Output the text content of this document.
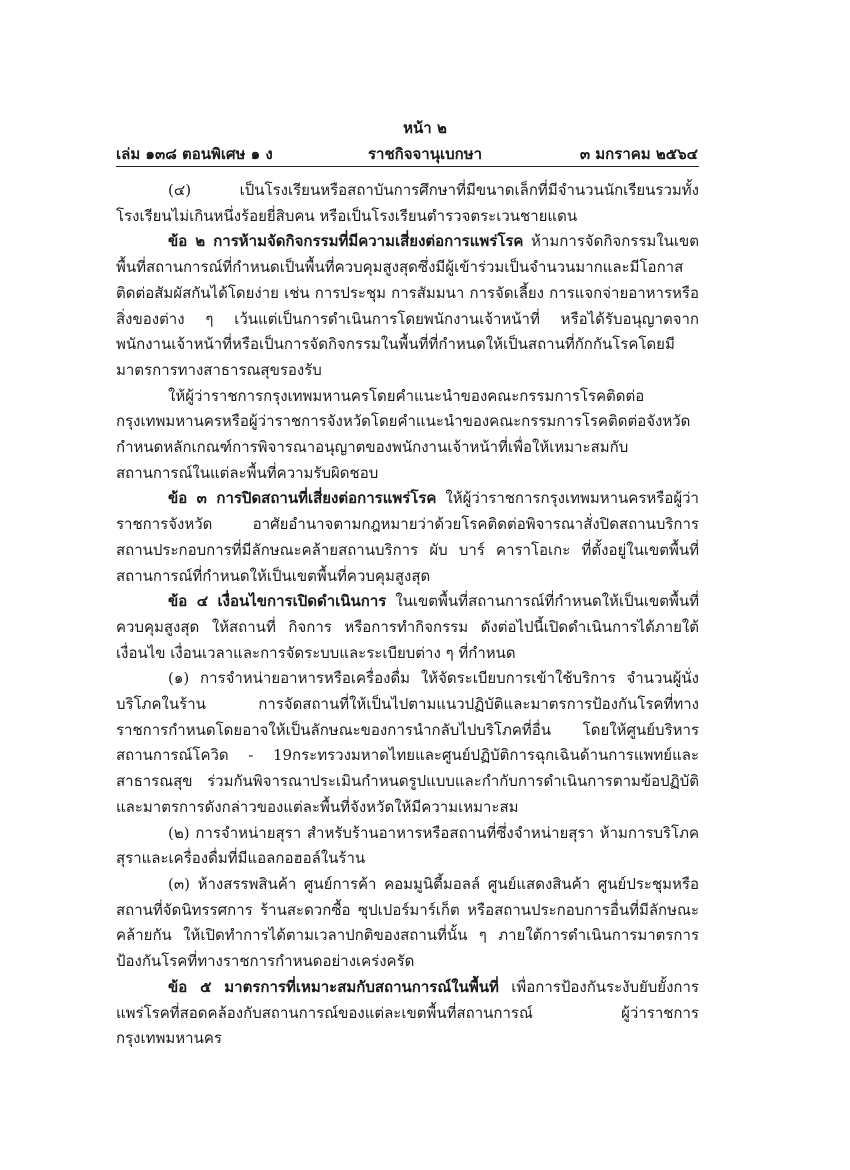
หน้า ๒
เล่ม ๑๓๘ ตอนพิเศษ ๑ ง	ราชกิจจานุเบกษา	๓ มกราคม ๒๕๖๔

(๔) เป็นโรงเรียนหรือสถาบันการศึกษาที่มีขนาดเล็กที่มีจำนวนนักเรียนรวมทั้งโรงเรียนไม่เกินหนึ่งร้อยยี่สิบคน หรือเป็นโรงเรียนตำรวจตระเวนชายแดน

ข้อ ๒ การห้ามจัดกิจกรรมที่มีความเสี่ยงต่อการแพร่โรค ห้ามการจัดกิจกรรมในเขตพื้นที่สถานการณ์ที่กำหนดเป็นพื้นที่ควบคุมสูงสุดซึ่งมีผู้เข้าร่วมเป็นจำนวนมากและมีโอกาสติดต่อสัมผัสกันได้โดยง่าย เช่น การประชุม การสัมมนา การจัดเลี้ยง การแจกจ่ายอาหารหรือสิ่งของต่าง ๆ เว้นแต่เป็นการดำเนินการโดยพนักงานเจ้าหน้าที่ หรือได้รับอนุญาตจากพนักงานเจ้าหน้าที่หรือเป็นการจัดกิจกรรมในพื้นที่ที่กำหนดให้เป็นสถานที่กักกันโรคโดยมีมาตรการทางสาธารณสุขรองรับ

ให้ผู้ว่าราชการกรุงเทพมหานครโดยคำแนะนำของคณะกรรมการโรคติดต่อกรุงเทพมหานครหรือผู้ว่าราชการจังหวัดโดยคำแนะนำของคณะกรรมการโรคติดต่อจังหวัด กำหนดหลักเกณฑ์การพิจารณาอนุญาตของพนักงานเจ้าหน้าที่เพื่อให้เหมาะสมกับสถานการณ์ในแต่ละพื้นที่ความรับผิดชอบ

ข้อ ๓ การปิดสถานที่เสี่ยงต่อการแพร่โรค ให้ผู้ว่าราชการกรุงเทพมหานครหรือผู้ว่าราชการจังหวัด อาศัยอำนาจตามกฎหมายว่าด้วยโรคติดต่อพิจารณาสั่งปิดสถานบริการสถานประกอบการที่มีลักษณะคล้ายสถานบริการ ผับ บาร์ คาราโอเกะ ที่ตั้งอยู่ในเขตพื้นที่สถานการณ์ที่กำหนดให้เป็นเขตพื้นที่ควบคุมสูงสุด

ข้อ ๔ เงื่อนไขการเปิดดำเนินการ ในเขตพื้นที่สถานการณ์ที่กำหนดให้เป็นเขตพื้นที่ควบคุมสูงสุด ให้สถานที่ กิจการ หรือการทำกิจกรรม ดังต่อไปนี้เปิดดำเนินการได้ภายใต้เงื่อนไข เงื่อนเวลาและการจัดระบบและระเบียบต่าง ๆ ที่กำหนด

(๑) การจำหน่ายอาหารหรือเครื่องดื่ม ให้จัดระเบียบการเข้าใช้บริการ จำนวนผู้นั่งบริโภคในร้าน การจัดสถานที่ให้เป็นไปตามแนวปฏิบัติและมาตรการป้องกันโรคที่ทางราชการกำหนดโดยอาจให้เป็นลักษณะของการนำกลับไปบริโภคที่อื่น โดยให้ศูนย์บริหารสถานการณ์โควิด - 19กระทรวงมหาดไทยและศูนย์ปฏิบัติการฉุกเฉินด้านการแพทย์และสาธารณสุข ร่วมกันพิจารณาประเมินกำหนดรูปแบบและกำกับการดำเนินการตามข้อปฏิบัติและมาตรการดังกล่าวของแต่ละพื้นที่จังหวัดให้มีความเหมาะสม

(๒) การจำหน่ายสุรา สำหรับร้านอาหารหรือสถานที่ซึ่งจำหน่ายสุรา ห้ามการบริโภคสุราและเครื่องดื่มที่มีแอลกอฮอล์ในร้าน

(๓) ห้างสรรพสินค้า ศูนย์การค้า คอมมูนิตี้มอลล์ ศูนย์แสดงสินค้า ศูนย์ประชุมหรือสถานที่จัดนิทรรศการ ร้านสะดวกซื้อ ซุปเปอร์มาร์เก็ต หรือสถานประกอบการอื่นที่มีลักษณะคล้ายกัน ให้เปิดทำการได้ตามเวลาปกติของสถานที่นั้น ๆ ภายใต้การดำเนินการมาตรการป้องกันโรคที่ทางราชการกำหนดอย่างเคร่งครัด

ข้อ ๕ มาตรการที่เหมาะสมกับสถานการณ์ในพื้นที่ เพื่อการป้องกันระงับยับยั้งการแพร่โรคที่สอดคล้องกับสถานการณ์ของแต่ละเขตพื้นที่สถานการณ์ ผู้ว่าราชการกรุงเทพมหานคร
